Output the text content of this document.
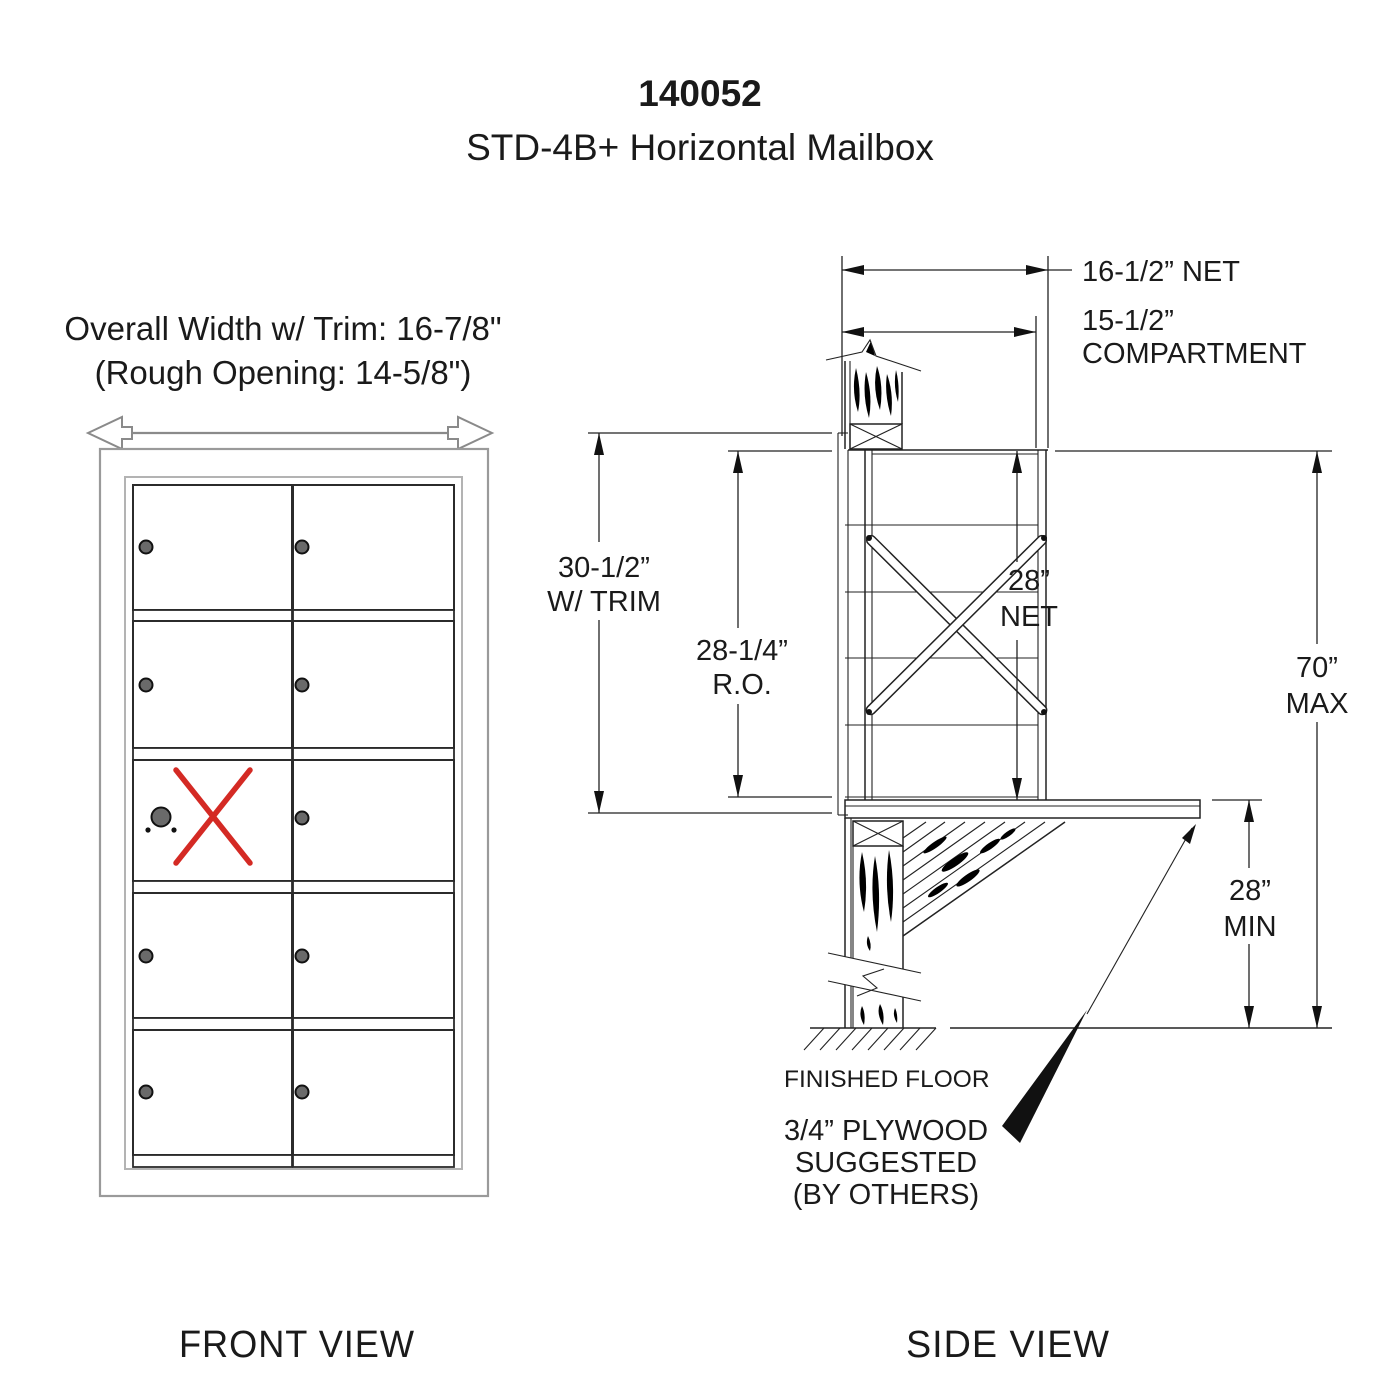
140052
STD-4B+ Horizontal Mailbox
Overall Width w/ Trim: 16-7/8"
(Rough Opening: 14-5/8")
FRONT VIEW
FINISHED FLOOR
16-1/2” NET
15-1/2”
COMPARTMENT
30-1/2”
W/ TRIM
28-1/4”
R.O.
28”
NET
70”
MAX
28”
MIN
3/4” PLYWOOD
SUGGESTED
(BY OTHERS)
SIDE VIEW
